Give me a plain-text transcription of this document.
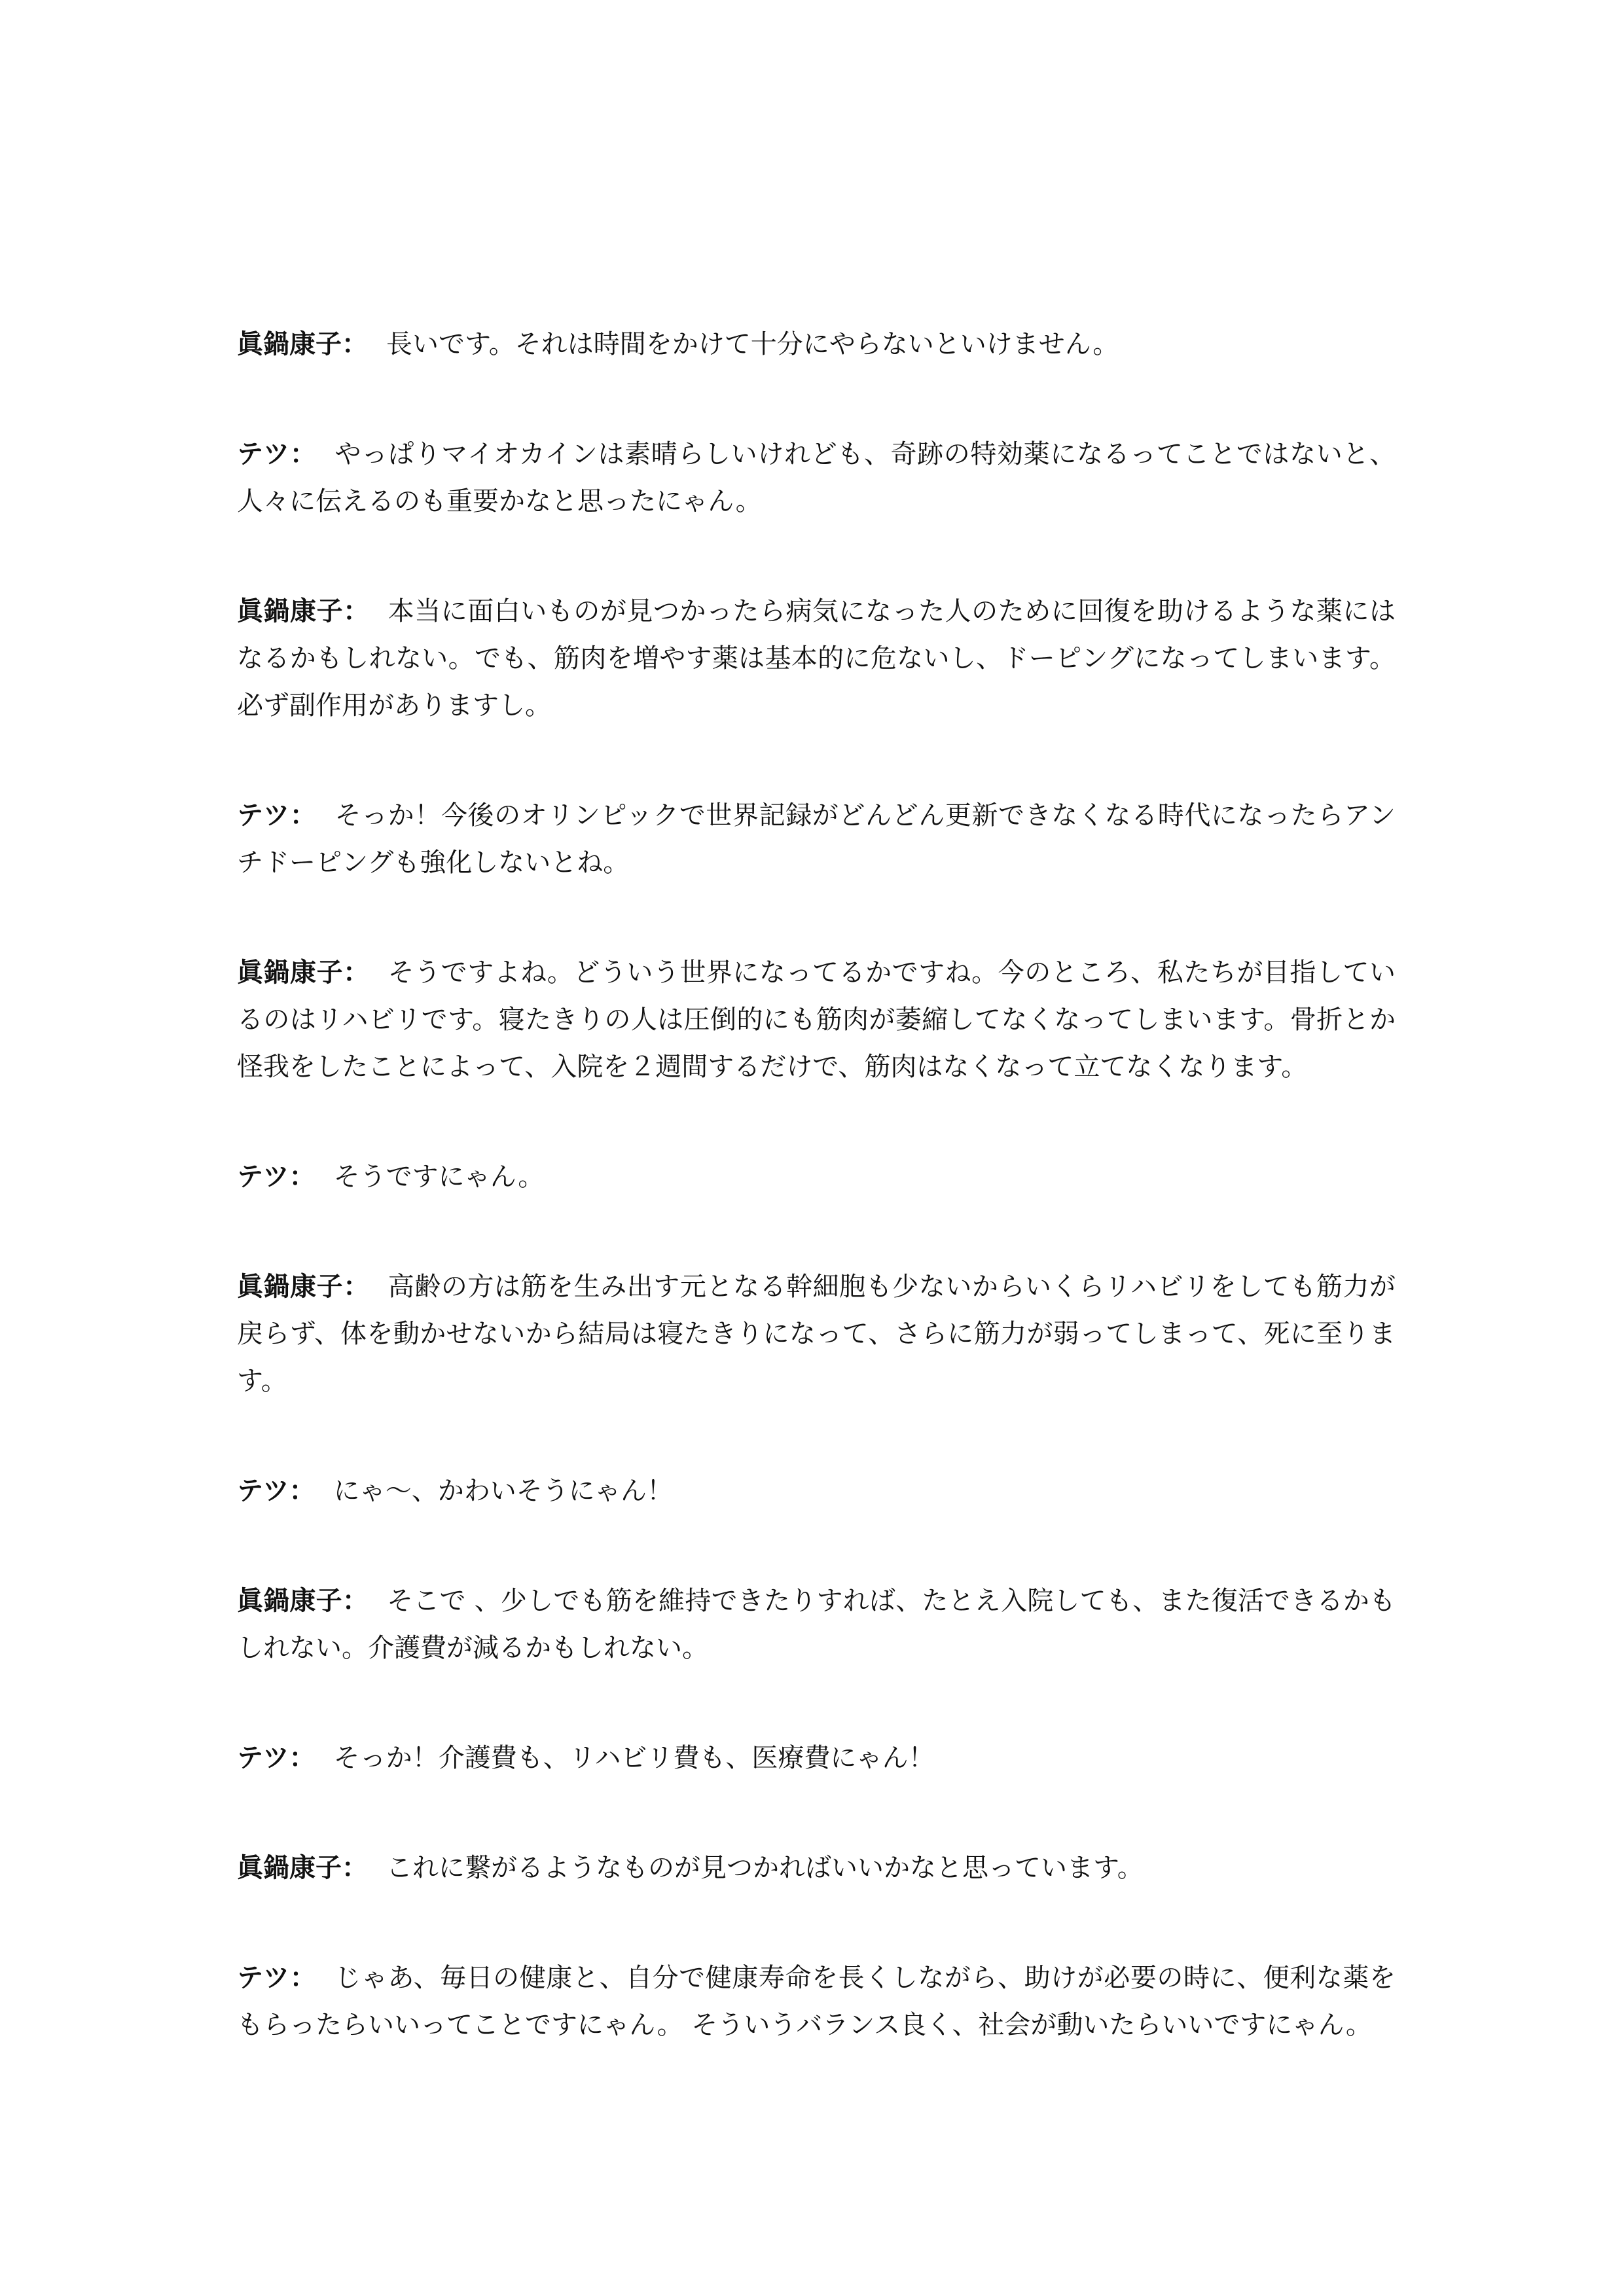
眞鍋康子： 長いです。それは時間をかけて十分にやらないといけません。

テツ： やっぱりマイオカインは素晴らしいけれども、奇跡の特効薬になるってことではないと、人々に伝えるのも重要かなと思ったにゃん。

眞鍋康子： 本当に面白いものが見つかったら病気になった人のために回復を助けるような薬にはなるかもしれない。でも、筋肉を増やす薬は基本的に危ないし、ドーピングになってしまいます。必ず副作用がありますし。

テツ： そっか！今後のオリンピックで世界記録がどんどん更新できなくなる時代になったらアンチドーピングも強化しないとね。

眞鍋康子： そうですよね。どういう世界になってるかですね。今のところ、私たちが目指しているのはリハビリです。寝たきりの人は圧倒的にも筋肉が萎縮してなくなってしまいます。骨折とか怪我をしたことによって、入院を２週間するだけで、筋肉はなくなって立てなくなります。

テツ： そうですにゃん。

眞鍋康子： 高齢の方は筋を生み出す元となる幹細胞も少ないからいくらリハビリをしても筋力が戻らず、体を動かせないから結局は寝たきりになって、さらに筋力が弱ってしまって、死に至ります。

テツ： にゃ〜、かわいそうにゃん！

眞鍋康子： そこで 、少しでも筋を維持できたりすれば、たとえ入院しても、また復活できるかもしれない。介護費が減るかもしれない。

テツ： そっか！介護費も、リハビリ費も、医療費にゃん！

眞鍋康子： これに繋がるようなものが見つかればいいかなと思っています。

テツ： じゃあ、毎日の健康と、自分で健康寿命を長くしながら、助けが必要の時に、便利な薬をもらったらいいってことですにゃん。 そういうバランス良く、社会が動いたらいいですにゃん。
